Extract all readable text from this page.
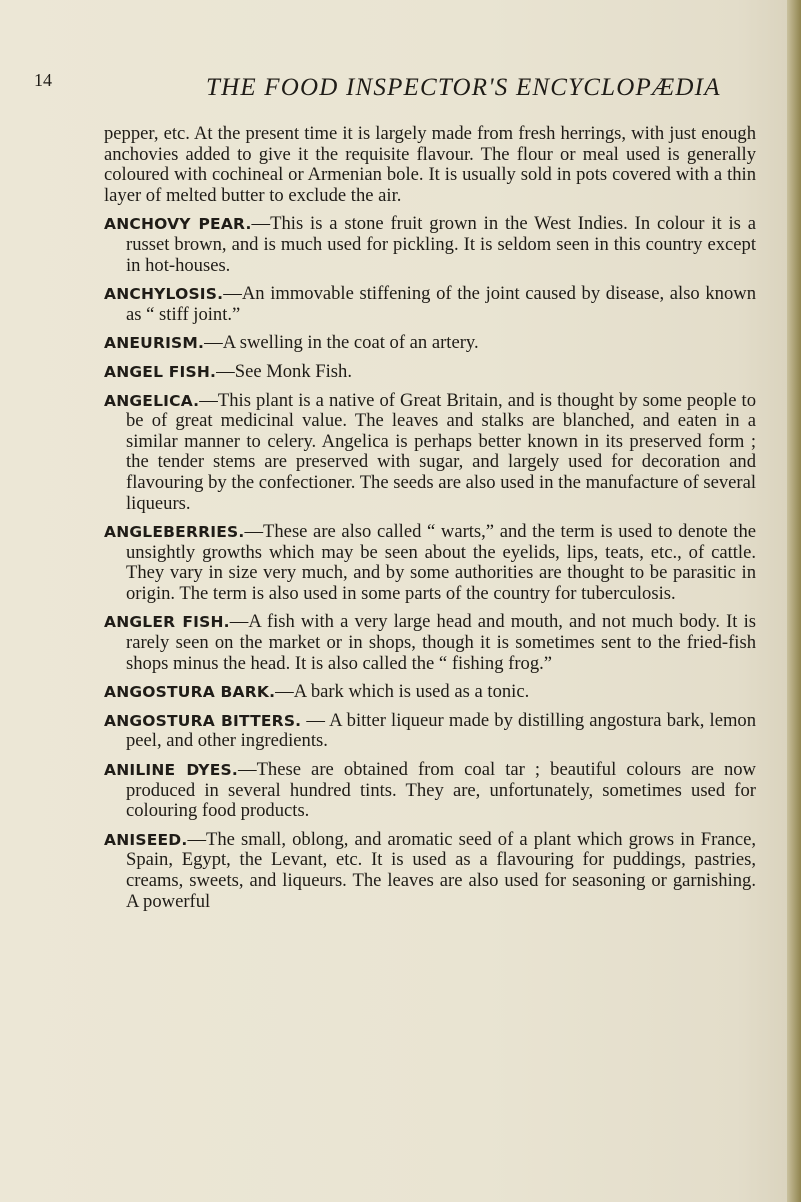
14	THE FOOD INSPECTOR'S ENCYCLOPÆDIA

pepper, etc. At the present time it is largely made from fresh herrings, with just enough anchovies added to give it the requisite flavour. The flour or meal used is generally coloured with cochineal or Armenian bole. It is usually sold in pots covered with a thin layer of melted butter to exclude the air.

ANCHOVY PEAR.—This is a stone fruit grown in the West Indies. In colour it is a russet brown, and is much used for pickling. It is seldom seen in this country except in hot-houses.

ANCHYLOSIS.—An immovable stiffening of the joint caused by disease, also known as “ stiff joint.”

ANEURISM.—A swelling in the coat of an artery.

ANGEL FISH.—See Monk Fish.

ANGELICA.—This plant is a native of Great Britain, and is thought by some people to be of great medicinal value. The leaves and stalks are blanched, and eaten in a similar manner to celery. Angelica is perhaps better known in its preserved form ; the tender stems are preserved with sugar, and largely used for decoration and flavouring by the confectioner. The seeds are also used in the manufacture of several liqueurs.

ANGLEBERRIES.—These are also called “ warts,” and the term is used to denote the unsightly growths which may be seen about the eyelids, lips, teats, etc., of cattle. They vary in size very much, and by some authorities are thought to be parasitic in origin. The term is also used in some parts of the country for tuberculosis.

ANGLER FISH.—A fish with a very large head and mouth, and not much body. It is rarely seen on the market or in shops, though it is sometimes sent to the fried-fish shops minus the head. It is also called the “ fishing frog.”

ANGOSTURA BARK.—A bark which is used as a tonic.

ANGOSTURA BITTERS. — A bitter liqueur made by distilling angostura bark, lemon peel, and other ingredients.

ANILINE DYES.—These are obtained from coal tar ; beautiful colours are now produced in several hundred tints. They are, unfortunately, sometimes used for colouring food products.

ANISEED.—The small, oblong, and aromatic seed of a plant which grows in France, Spain, Egypt, the Levant, etc. It is used as a flavouring for puddings, pastries, creams, sweets, and liqueurs. The leaves are also used for seasoning or garnishing. A powerful
